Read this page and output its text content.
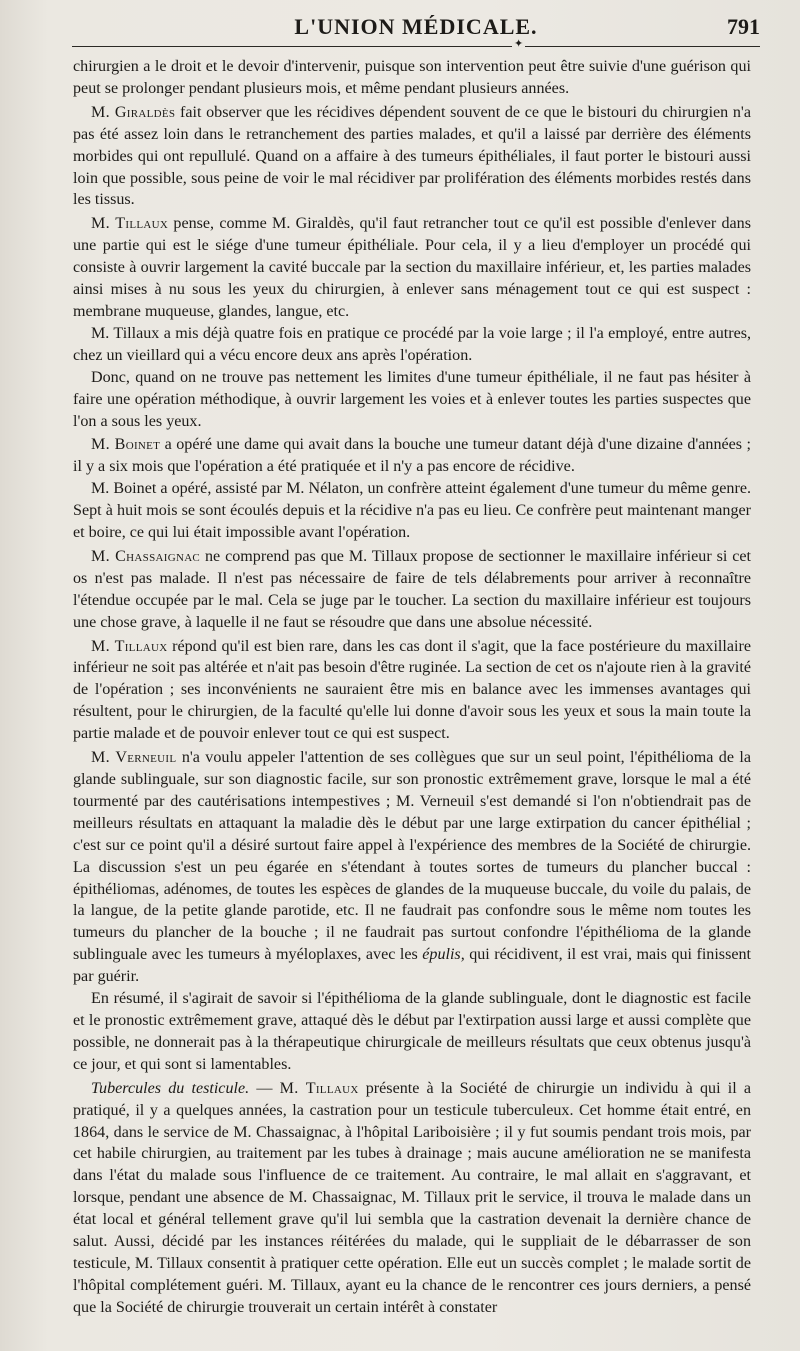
L'UNION MÉDICALE.	791
✦

chirurgien a le droit et le devoir d'intervenir, puisque son intervention peut être suivie d'une guérison qui peut se prolonger pendant plusieurs mois, et même pendant plusieurs années.

M. Giraldès fait observer que les récidives dépendent souvent de ce que le bistouri du chirurgien n'a pas été assez loin dans le retranchement des parties malades, et qu'il a laissé par derrière des éléments morbides qui ont repullulé. Quand on a affaire à des tumeurs épithéliales, il faut porter le bistouri aussi loin que possible, sous peine de voir le mal récidiver par prolifération des éléments morbides restés dans les tissus.

M. Tillaux pense, comme M. Giraldès, qu'il faut retrancher tout ce qu'il est possible d'enlever dans une partie qui est le siége d'une tumeur épithéliale. Pour cela, il y a lieu d'employer un procédé qui consiste à ouvrir largement la cavité buccale par la section du maxillaire inférieur, et, les parties malades ainsi mises à nu sous les yeux du chirurgien, à enlever sans ménagement tout ce qui est suspect : membrane muqueuse, glandes, langue, etc.

M. Tillaux a mis déjà quatre fois en pratique ce procédé par la voie large ; il l'a employé, entre autres, chez un vieillard qui a vécu encore deux ans après l'opération.

Donc, quand on ne trouve pas nettement les limites d'une tumeur épithéliale, il ne faut pas hésiter à faire une opération méthodique, à ouvrir largement les voies et à enlever toutes les parties suspectes que l'on a sous les yeux.

M. Boinet a opéré une dame qui avait dans la bouche une tumeur datant déjà d'une dizaine d'années ; il y a six mois que l'opération a été pratiquée et il n'y a pas encore de récidive.

M. Boinet a opéré, assisté par M. Nélaton, un confrère atteint également d'une tumeur du même genre. Sept à huit mois se sont écoulés depuis et la récidive n'a pas eu lieu. Ce confrère peut maintenant manger et boire, ce qui lui était impossible avant l'opération.

M. Chassaignac ne comprend pas que M. Tillaux propose de sectionner le maxillaire inférieur si cet os n'est pas malade. Il n'est pas nécessaire de faire de tels délabrements pour arriver à reconnaître l'étendue occupée par le mal. Cela se juge par le toucher. La section du maxillaire inférieur est toujours une chose grave, à laquelle il ne faut se résoudre que dans une absolue nécessité.

M. Tillaux répond qu'il est bien rare, dans les cas dont il s'agit, que la face postérieure du maxillaire inférieur ne soit pas altérée et n'ait pas besoin d'être ruginée. La section de cet os n'ajoute rien à la gravité de l'opération ; ses inconvénients ne sauraient être mis en balance avec les immenses avantages qui résultent, pour le chirurgien, de la faculté qu'elle lui donne d'avoir sous les yeux et sous la main toute la partie malade et de pouvoir enlever tout ce qui est suspect.

M. Verneuil n'a voulu appeler l'attention de ses collègues que sur un seul point, l'épithélioma de la glande sublinguale, sur son diagnostic facile, sur son pronostic extrêmement grave, lorsque le mal a été tourmenté par des cautérisations intempestives ; M. Verneuil s'est demandé si l'on n'obtiendrait pas de meilleurs résultats en attaquant la maladie dès le début par une large extirpation du cancer épithélial ; c'est sur ce point qu'il a désiré surtout faire appel à l'expérience des membres de la Société de chirurgie. La discussion s'est un peu égarée en s'étendant à toutes sortes de tumeurs du plancher buccal : épithéliomas, adénomes, de toutes les espèces de glandes de la muqueuse buccale, du voile du palais, de la langue, de la petite glande parotide, etc. Il ne faudrait pas confondre sous le même nom toutes les tumeurs du plancher de la bouche ; il ne faudrait pas surtout confondre l'épithélioma de la glande sublinguale avec les tumeurs à myéloplaxes, avec les épulis, qui récidivent, il est vrai, mais qui finissent par guérir.

En résumé, il s'agirait de savoir si l'épithélioma de la glande sublinguale, dont le diagnostic est facile et le pronostic extrêmement grave, attaqué dès le début par l'extirpation aussi large et aussi complète que possible, ne donnerait pas à la thérapeutique chirurgicale de meilleurs résultats que ceux obtenus jusqu'à ce jour, et qui sont si lamentables.

Tubercules du testicule. — M. Tillaux présente à la Société de chirurgie un individu à qui il a pratiqué, il y a quelques années, la castration pour un testicule tuberculeux. Cet homme était entré, en 1864, dans le service de M. Chassaignac, à l'hôpital Lariboisière ; il y fut soumis pendant trois mois, par cet habile chirurgien, au traitement par les tubes à drainage ; mais aucune amélioration ne se manifesta dans l'état du malade sous l'influence de ce traitement. Au contraire, le mal allait en s'aggravant, et lorsque, pendant une absence de M. Chassaignac, M. Tillaux prit le service, il trouva le malade dans un état local et général tellement grave qu'il lui sembla que la castration devenait la dernière chance de salut. Aussi, décidé par les instances réitérées du malade, qui le suppliait de le débarrasser de son testicule, M. Tillaux consentit à pratiquer cette opération. Elle eut un succès complet ; le malade sortit de l'hôpital complétement guéri. M. Tillaux, ayant eu la chance de le rencontrer ces jours derniers, a pensé que la Société de chirurgie trouverait un certain intérêt à constater
